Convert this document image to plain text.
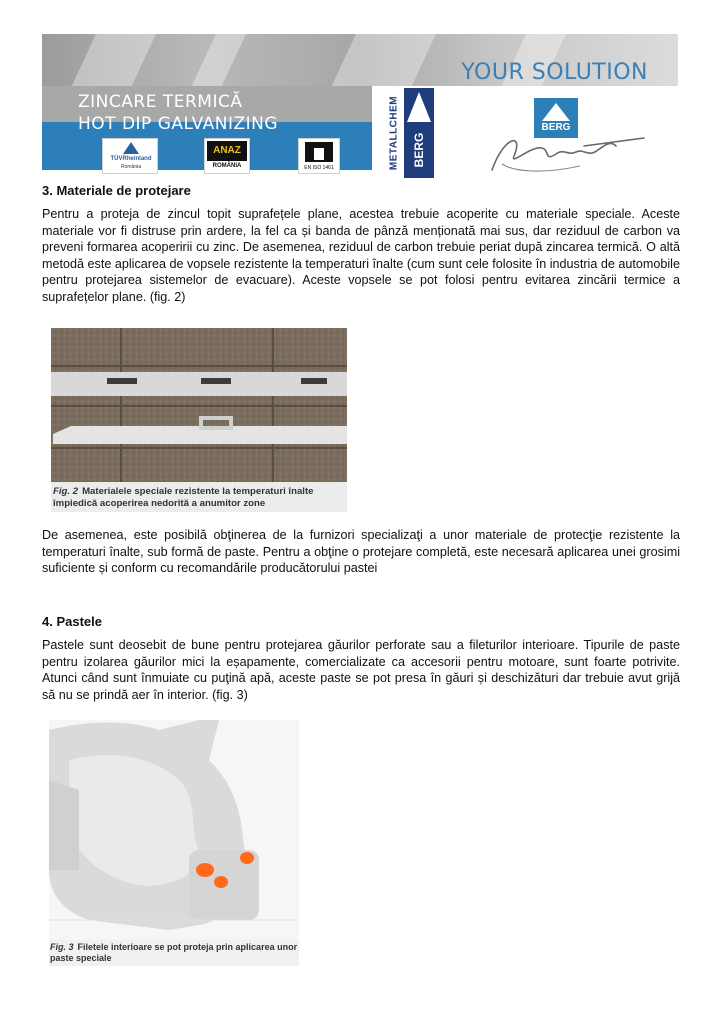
YOUR SOLUTION
ZINCARE TERMICĂ
HOT DIP GALVANIZING
TÜVRheinland
România
ANAZ
ROMÂNIA	EN ISO 1461	METALLCHEM BERG
BERG
3. Materiale de protejare

Pentru a proteja de zincul topit suprafețele plane, acestea trebuie acoperite cu materiale speciale. Aceste materiale vor fi distruse prin ardere, la fel ca și banda de pânză menționată mai sus, dar reziduul de carbon va preveni formarea acoperirii cu zinc. De asemenea, reziduul de carbon trebuie periat după zincarea termică. O altă metodă este aplicarea de vopsele rezistente la temperaturi înalte (cum sunt cele folosite în industria de automobile pentru protejarea sistemelor de evacuare). Aceste vopsele se pot folosi pentru evitarea zincării termice a suprafețelor plane. (fig. 2)

Fig. 2 Materialele speciale rezistente la temperaturi înalte
împiedică acoperirea nedorită a anumitor zone

De asemenea, este posibilă obţinerea de la furnizori specializaţi a unor materiale de protecţie rezistente la temperaturi înalte, sub formă de paste. Pentru a obţine o protejare completă, este necesară aplicarea unei grosimi suficiente și conform cu recomandările producătorului pastei

4. Pastele

Pastele sunt deosebit de bune pentru protejarea găurilor perforate sau a fileturilor interioare. Tipurile de paste pentru izolarea găurilor mici la eșapamente, comercializate ca accesorii pentru motoare, sunt foarte potrivite. Atunci când sunt înmuiate cu puţină apă, aceste paste se pot presa în găuri și deschizături dar trebuie avut grijă să nu se prindă aer în interior. (fig. 3)

Fig. 3 Filetele interioare se pot proteja prin aplicarea unor
paste speciale
